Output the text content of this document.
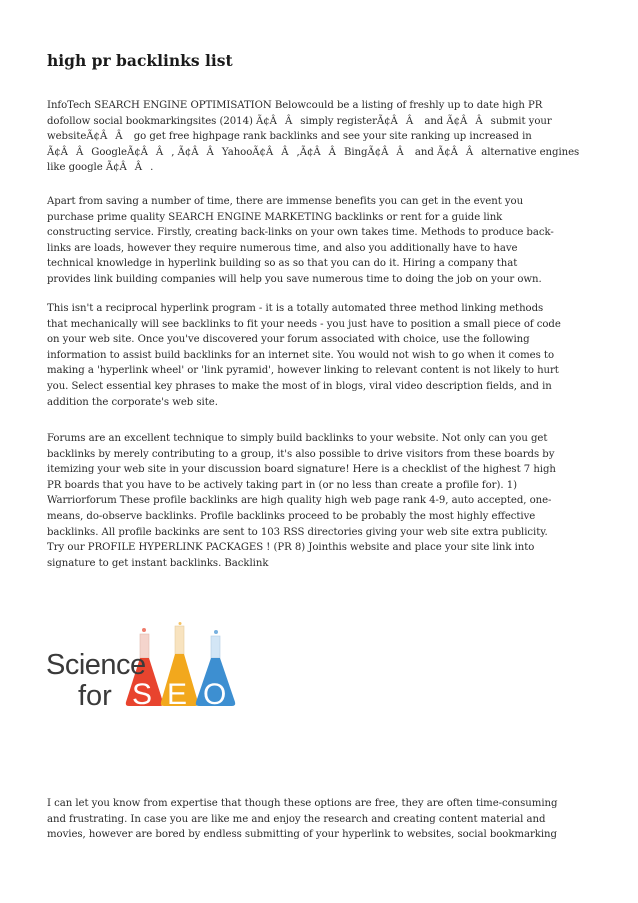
high pr backlinks list

InfoTech SEARCH ENGINE OPTIMISATION Belowcould be a listing of freshly up to date high PR
dofollow social bookmarkingsites (2014) Ã¢ÂÂsimply registerÃ¢ÂÂ and Ã¢ÂÂsubmit your
websiteÃ¢ÂÂ go get free highpage rank backlinks and see your site ranking up increased in
Ã¢ÂÂGoogleÃ¢ÂÂ, Ã¢ÂÂYahooÃ¢ÂÂ,Ã¢ÂÂBingÃ¢ÂÂ and Ã¢ÂÂalternative engines
like google Ã¢ÂÂ.

Apart from saving a number of time, there are immense benefits you can get in the event you
purchase prime quality SEARCH ENGINE MARKETING backlinks or rent for a guide link
constructing service. Firstly, creating back-links on your own takes time. Methods to produce back-
links are loads, however they require numerous time, and also you additionally have to have
technical knowledge in hyperlink building so as so that you can do it. Hiring a company that
provides link building companies will help you save numerous time to doing the job on your own.

This isn't a reciprocal hyperlink program - it is a totally automated three method linking methods
that mechanically will see backlinks to fit your needs - you just have to position a small piece of code
on your web site. Once you've discovered your forum associated with choice, use the following
information to assist build backlinks for an internet site. You would not wish to go when it comes to
making a 'hyperlink wheel' or 'link pyramid', however linking to relevant content is not likely to hurt
you. Select essential key phrases to make the most of in blogs, viral video description fields, and in
addition the corporate's web site.

Forums are an excellent technique to simply build backlinks to your website. Not only can you get
backlinks by merely contributing to a group, it's also possible to drive visitors from these boards by
itemizing your web site in your discussion board signature! Here is a checklist of the highest 7 high
PR boards that you have to be actively taking part in (or no less than create a profile for). 1)
Warriorforum These profile backlinks are high quality high web page rank 4-9, auto accepted, one-
means, do-observe backlinks. Profile backlinks proceed to be probably the most highly effective
backlinks. All profile backinks are sent to 103 RSS directories giving your web site extra publicity.
Try our PROFILE HYPERLINK PACKAGES ! (PR 8) Jointhis website and place your site link into
signature to get instant backlinks. Backlink

Science
for S E O

I can let you know from expertise that though these options are free, they are often time-consuming
and frustrating. In case you are like me and enjoy the research and creating content material and
movies, however are bored by endless submitting of your hyperlink to websites, social bookmarking
